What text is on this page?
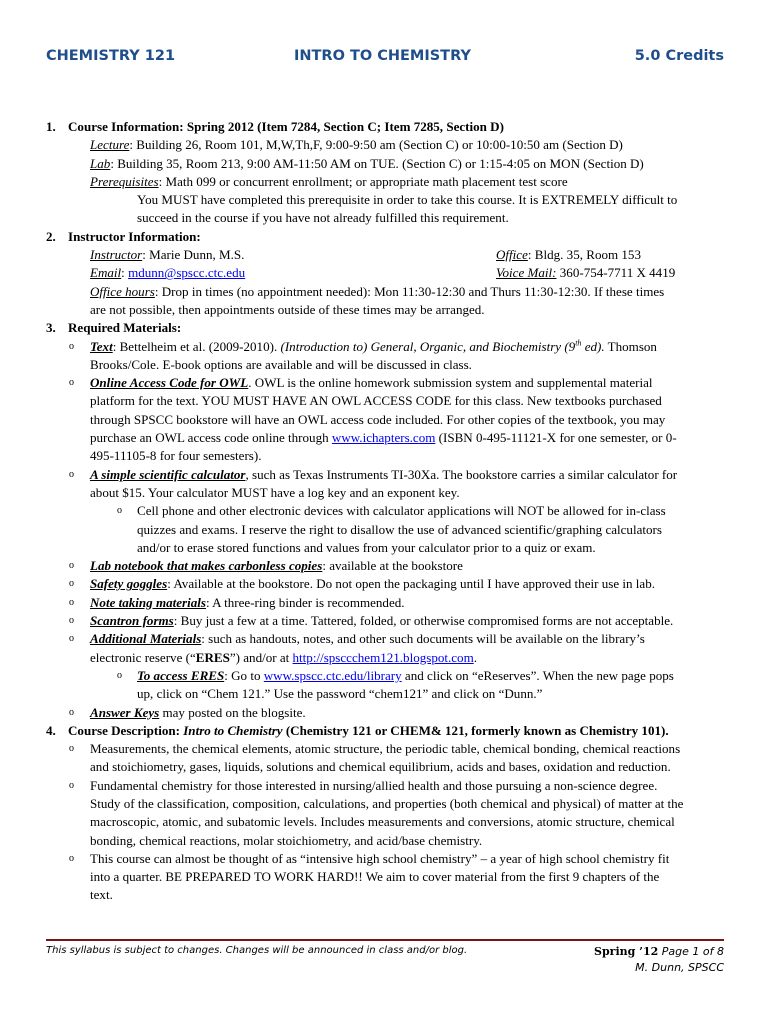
CHEMISTRY 121	INTRO TO CHEMISTRY	5.0 Credits
1. Course Information: Spring 2012 (Item 7284, Section C; Item 7285, Section D)
Lecture: Building 26, Room 101, M,W,Th,F, 9:00-9:50 am (Section C) or 10:00-10:50 am (Section D)
Lab: Building 35, Room 213, 9:00 AM-11:50 AM on TUE. (Section C) or 1:15-4:05 on MON (Section D)
Prerequisites: Math 099 or concurrent enrollment; or appropriate math placement test score
You MUST have completed this prerequisite in order to take this course. It is EXTREMELY difficult to
succeed in the course if you have not already fulfilled this requirement.
2. Instructor Information:
Instructor: Marie Dunn, M.S.	Office: Bldg. 35, Room 153
Email: mdunn@spscc.ctc.edu	Voice Mail: 360-754-7711 X 4419
Office hours: Drop in times (no appointment needed): Mon 11:30-12:30 and Thurs 11:30-12:30. If these times
are not possible, then appointments outside of these times may be arranged.
3. Required Materials:
o Text: Bettelheim et al. (2009-2010). (Introduction to) General, Organic, and Biochemistry (9th ed). Thomson
Brooks/Cole. E-book options are available and will be discussed in class.
o Online Access Code for OWL. OWL is the online homework submission system and supplemental material
platform for the text. YOU MUST HAVE AN OWL ACCESS CODE for this class. New textbooks purchased
through SPSCC bookstore will have an OWL access code included. For other copies of the textbook, you may
purchase an OWL access code online through www.ichapters.com (ISBN 0-495-11121-X for one semester, or 0-
495-11105-8 for four semesters).
o A simple scientific calculator, such as Texas Instruments TI-30Xa. The bookstore carries a similar calculator for
about $15. Your calculator MUST have a log key and an exponent key.
o Cell phone and other electronic devices with calculator applications will NOT be allowed for in-class
quizzes and exams. I reserve the right to disallow the use of advanced scientific/graphing calculators
and/or to erase stored functions and values from your calculator prior to a quiz or exam.
o Lab notebook that makes carbonless copies: available at the bookstore
o Safety goggles: Available at the bookstore. Do not open the packaging until I have approved their use in lab.
o Note taking materials: A three-ring binder is recommended.
o Scantron forms: Buy just a few at a time. Tattered, folded, or otherwise compromised forms are not acceptable.
o Additional Materials: such as handouts, notes, and other such documents will be available on the library’s
electronic reserve (“ERES”) and/or at http://spsccchem121.blogspot.com.
o To access ERES: Go to www.spscc.ctc.edu/library and click on “eReserves”. When the new page pops
up, click on “Chem 121.” Use the password “chem121” and click on “Dunn.”
o Answer Keys may posted on the blogsite.
4. Course Description: Intro to Chemistry (Chemistry 121 or CHEM& 121, formerly known as Chemistry 101).
o Measurements, the chemical elements, atomic structure, the periodic table, chemical bonding, chemical reactions
and stoichiometry, gases, liquids, solutions and chemical equilibrium, acids and bases, oxidation and reduction.
o Fundamental chemistry for those interested in nursing/allied health and those pursuing a non-science degree.
Study of the classification, composition, calculations, and properties (both chemical and physical) of matter at the
macroscopic, atomic, and subatomic levels. Includes measurements and conversions, atomic structure, chemical
bonding, chemical reactions, molar stoichiometry, and acid/base chemistry.
o This course can almost be thought of as “intensive high school chemistry” – a year of high school chemistry fit
into a quarter. BE PREPARED TO WORK HARD!! We aim to cover material from the first 9 chapters of the
text.
This syllabus is subject to changes. Changes will be announced in class and/or blog.	Spring ’12 Page 1 of 8
M. Dunn, SPSCC
